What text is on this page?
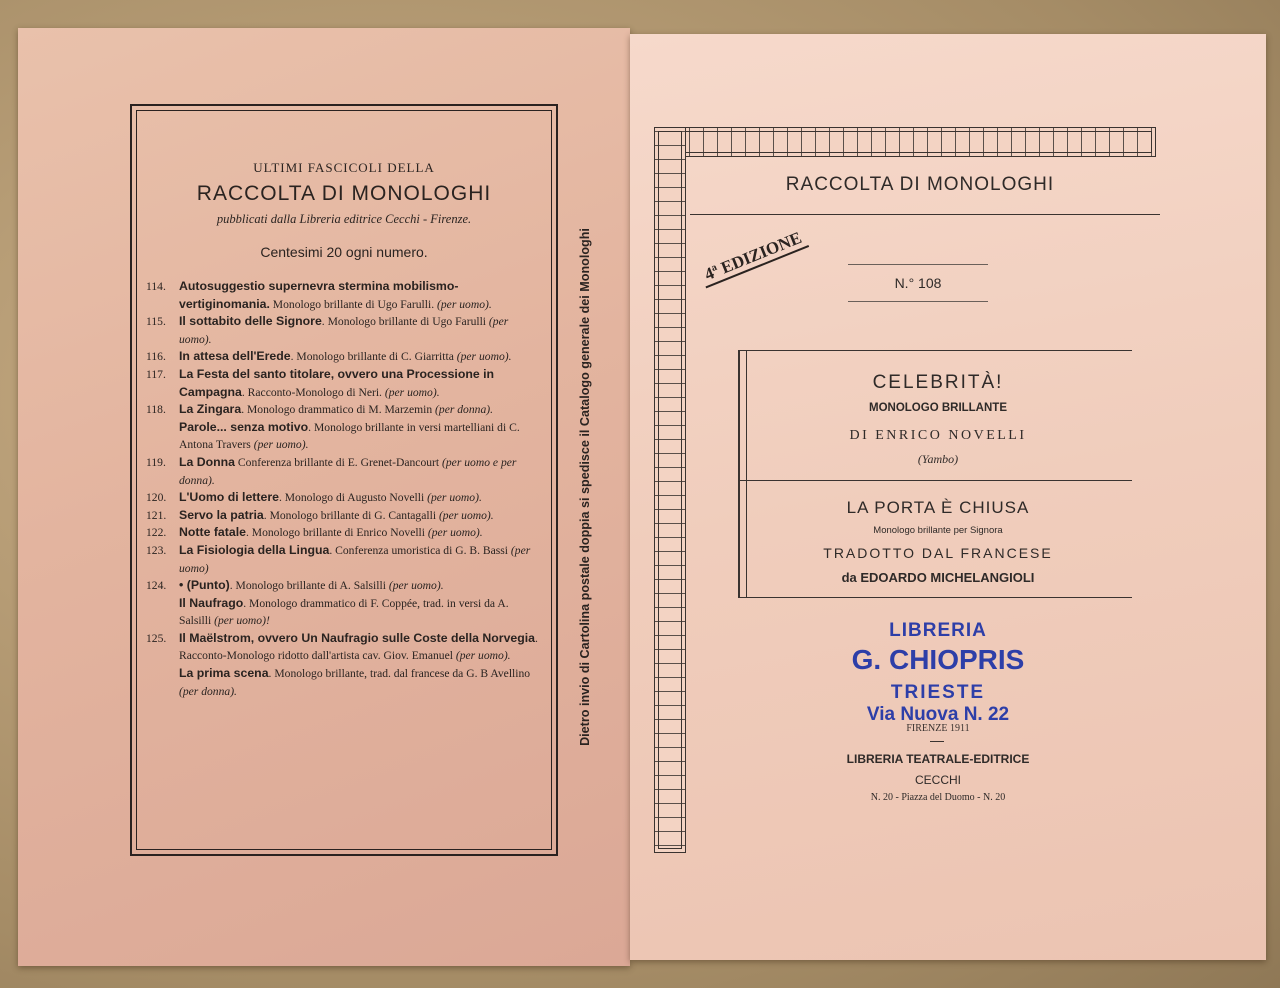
ULTIMI FASCICOLI DELLA
RACCOLTA DI MONOLOGHI
pubblicati dalla Libreria editrice Cecchi - Firenze.
Centesimi 20 ogni numero.
114. Autosuggestio supernevra stermina mobilismo-vertiginomania. Monologo brillante di Ugo Farulli. (per uomo).
115. Il sottabito delle Signore. Monologo brillante di Ugo Farulli (per uomo).
116. In attesa dell'Erede. Monologo brillante di C. Giarritta (per uomo).
117. La Festa del santo titolare, ovvero una Processione in Campagna. Racconto-Monologo di Neri. (per uomo).
118. La Zingara. Monologo drammatico di M. Marzemin (per donna).
Parole... senza motivo. Monologo brillante in versi martelliani di C. Antona Travers (per uomo).
119. La Donna Conferenza brillante di E. Grenet-Dancourt (per uomo e per donna).
120. L'Uomo di lettere. Monologo di Augusto Novelli (per uomo).
121. Servo la patria. Monologo brillante di G. Cantagalli (per uomo).
122. Notte fatale. Monologo brillante di Enrico Novelli (per uomo).
123. La Fisiologia della Lingua. Conferenza umoristica di G. B. Bassi (per uomo)
124. • (Punto). Monologo brillante di A. Salsilli (per uomo).
Il Naufrago. Monologo drammatico di F. Coppée, trad. in versi da A. Salsilli (per uomo)!
125. Il Maëlstrom, ovvero Un Naufragio sulle Coste della Norvegia. Racconto-Monologo ridotto dall'artista cav. Giov. Emanuel (per uomo).
La prima scena. Monologo brillante, trad. dal francese da G. B Avellino (per donna).	Dietro invio di Cartolina postale doppia si spedisce il Catalogo generale dei Monologhi
RACCOLTA DI MONOLOGHI
4ª EDIZIONE	N.° 108
CELEBRITÀ!
MONOLOGO BRILLANTE
DI ENRICO NOVELLI
(Yambo)
LA PORTA È CHIUSA
Monologo brillante per Signora
TRADOTTO DAL FRANCESE
da EDOARDO MICHELANGIOLI
LIBRERIA
G. CHIOPRIS
TRIESTE
Via Nuova N. 22
FIRENZE 1911
LIBRERIA TEATRALE-EDITRICE
CECCHI
N. 20 - Piazza del Duomo - N. 20
